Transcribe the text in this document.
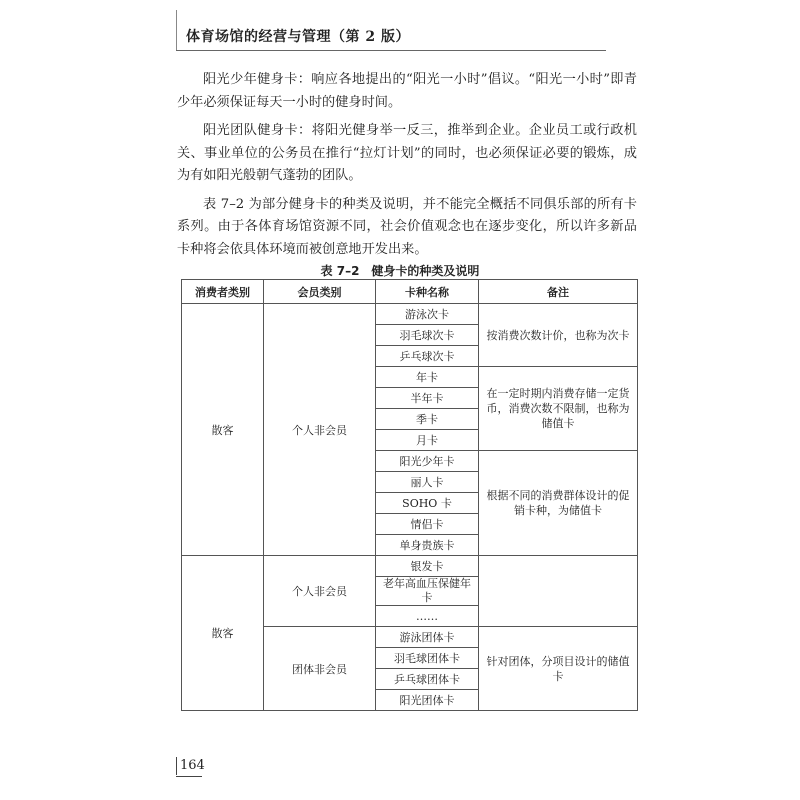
体育场馆的经营与管理（第 2 版）

阳光少年健身卡：响应各地提出的“阳光一小时”倡议。“阳光一小时”即青少年必须保证每天一小时的健身时间。

阳光团队健身卡：将阳光健身举一反三，推举到企业。企业员工或行政机关、事业单位的公务员在推行“拉灯计划”的同时，也必须保证必要的锻炼，成为有如阳光般朝气蓬勃的团队。

表 7–2 为部分健身卡的种类及说明，并不能完全概括不同俱乐部的所有卡系列。由于各体育场馆资源不同，社会价值观念也在逐步变化，所以许多新品卡种将会依具体环境而被创意地开发出来。

表 7–2　健身卡的种类及说明
消费者类别	会员类别	卡种名称	备注
散客	个人非会员	游泳次卡	按消费次数计价，也称为次卡
		羽毛球次卡	
		乒乓球次卡	
		年卡	在一定时期内消费存储一定货币，消费次数不限制，也称为储值卡
		半年卡	
		季卡	
		月卡	
		阳光少年卡	根据不同的消费群体设计的促销卡种，为储值卡
		丽人卡	
		SOHO 卡	
		情侣卡	
		单身贵族卡	
散客	个人非会员	银发卡	
		老年高血压保健年卡	
		……	
	团体非会员	游泳团体卡	针对团体，分项目设计的储值卡
		羽毛球团体卡	
		乒乓球团体卡	
		阳光团体卡	
164
